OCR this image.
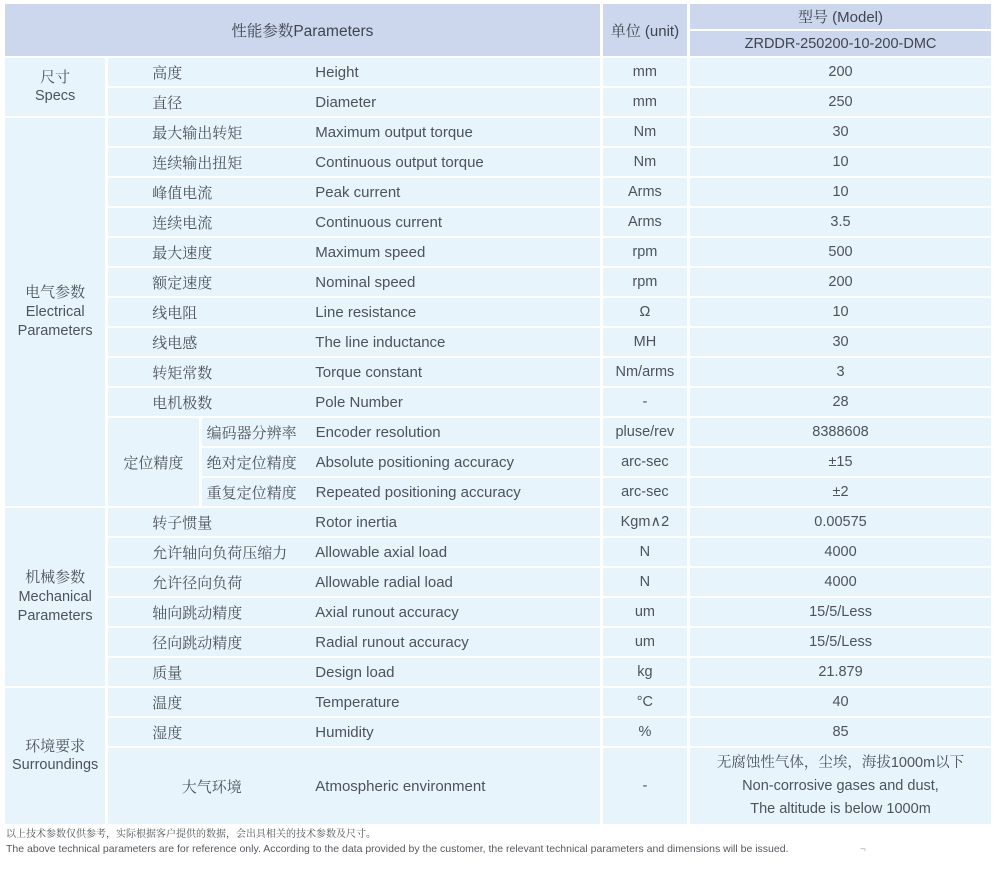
性能参数Parameters			单位 (unit)	型号 (Model)
				ZRDDR-250200-10-200-DMC

尺寸
Specs

高度	Height	mm	200

	直径 Diameter		mm	250

电气参数
Electrical Parameters

最大输出转矩	Maximum output torque	Nm	30

	连续输出扭矩 Continuous output torque		Nm	10

	峰值电流 Peak current		Arms	10

	连续电流 Continuous current		Arms	3.5

	最大速度 Maximum speed		rpm	500

	额定速度 Nominal speed		rpm	200

	线电阻 Line resistance		Ω	10

	线电感 The line inductance		MH	30

	转矩常数 Torque constant		Nm/arms	3

	电机极数 Pole Number		-	28
	定位精度	编码器分辨率 Encoder resolution	pluse/rev	8388608

		绝对定位精度 Absolute positioning accuracy	arc-sec	±15

		重复定位精度 Repeated positioning accuracy	arc-sec	±2

机械参数
Mechanical Parameters

转子惯量	Rotor inertia	Kgm∧2	0.00575

	允许轴向负荷压缩力 Allowable axial load		N	4000

	允许径向负荷 Allowable radial load		N	4000

	轴向跳动精度 Axial runout accuracy		um	15/5/Less

	径向跳动精度 Radial runout accuracy		um	15/5/Less

	质量 Design load		kg	21.879

环境要求
Surroundings

温度	Temperature	°C	40

	湿度 Humidity		%	85

大气环境	Atmospheric environment	-	
无腐蚀性气体，尘埃，海拔1000m以下
Non-corrosive gases and dust,
The altitude is below 1000m
以上技术参数仅供参考，实际根据客户提供的数据，会出具相关的技术参数及尺寸。
The above technical parameters are for reference only. According to the data provided by the customer, the relevant technical parameters and dimensions will be issued.	¬
